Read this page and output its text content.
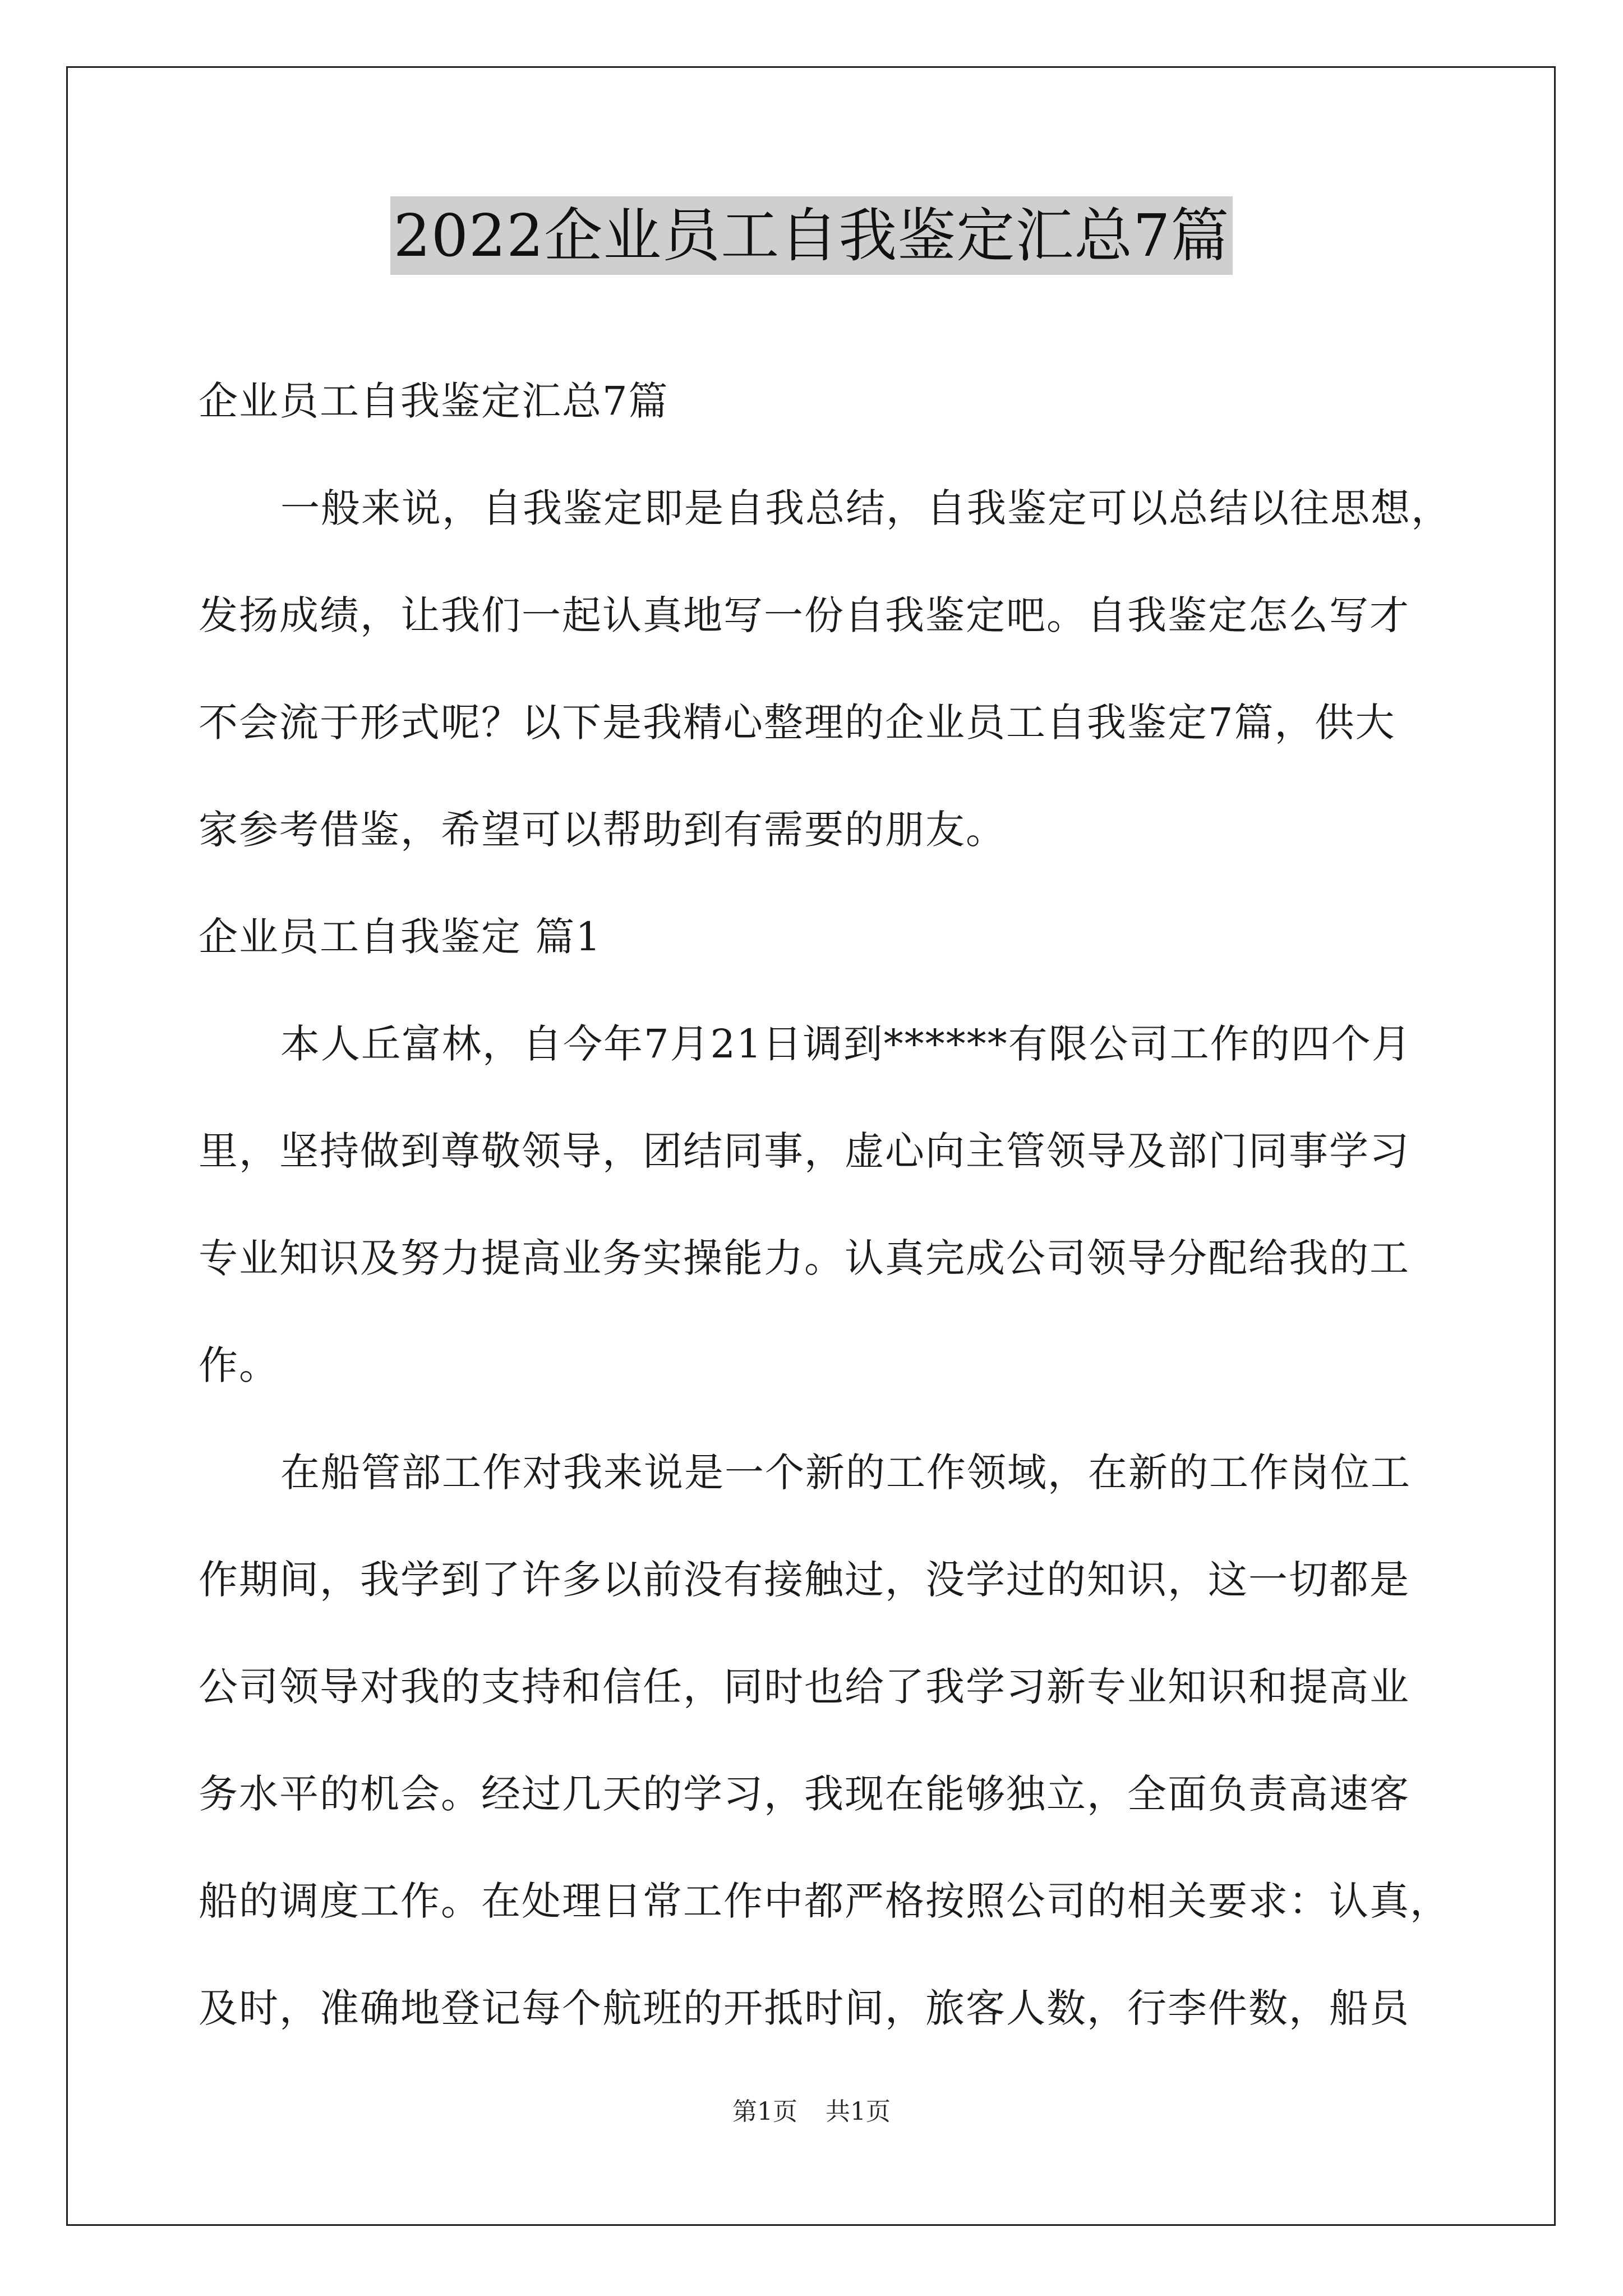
2022企业员工自我鉴定汇总7篇
企业员工自我鉴定汇总7篇
一般来说，自我鉴定即是自我总结，自我鉴定可以总结以往思想，
发扬成绩，让我们一起认真地写一份自我鉴定吧。自我鉴定怎么写才
不会流于形式呢？以下是我精心整理的企业员工自我鉴定7篇，供大
家参考借鉴，希望可以帮助到有需要的朋友。
企业员工自我鉴定 篇1
本人丘富林，自今年7月21日调到******有限公司工作的四个月
里，坚持做到尊敬领导，团结同事，虚心向主管领导及部门同事学习
专业知识及努力提高业务实操能力。认真完成公司领导分配给我的工
作。
在船管部工作对我来说是一个新的工作领域，在新的工作岗位工
作期间，我学到了许多以前没有接触过，没学过的知识，这一切都是
公司领导对我的支持和信任，同时也给了我学习新专业知识和提高业
务水平的机会。经过几天的学习，我现在能够独立，全面负责高速客
船的调度工作。在处理日常工作中都严格按照公司的相关要求：认真，
及时，准确地登记每个航班的开抵时间，旅客人数，行李件数，船员
第1页 共1页
